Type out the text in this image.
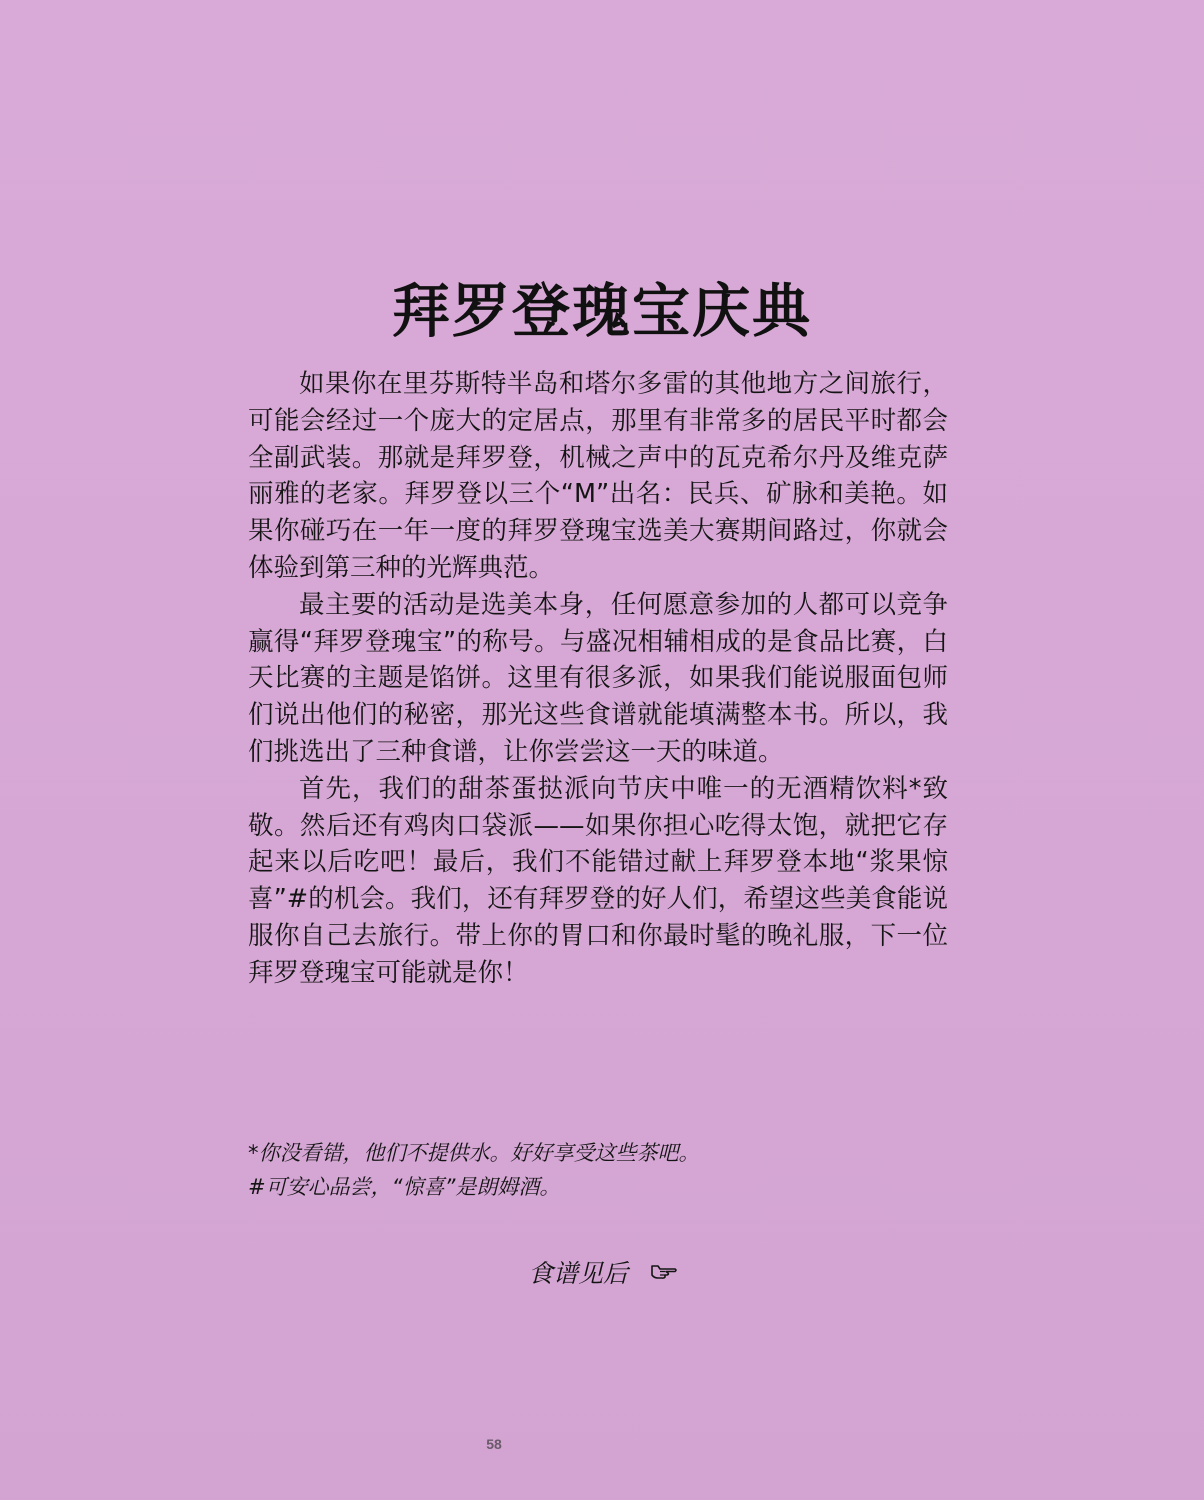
拜罗登瑰宝庆典

如果你在里芬斯特半岛和塔尔多雷的其他地方之间旅行，可能会经过一个庞大的定居点，那里有非常多的居民平时都会全副武装。那就是拜罗登，机械之声中的瓦克希尔丹及维克萨丽雅的老家。拜罗登以三个“M”出名：民兵、矿脉和美艳。如果你碰巧在一年一度的拜罗登瑰宝选美大赛期间路过，你就会体验到第三种的光辉典范。

最主要的活动是选美本身，任何愿意参加的人都可以竞争赢得“拜罗登瑰宝”的称号。与盛况相辅相成的是食品比赛，白天比赛的主题是馅饼。这里有很多派，如果我们能说服面包师们说出他们的秘密，那光这些食谱就能填满整本书。所以，我们挑选出了三种食谱，让你尝尝这一天的味道。

首先，我们的甜茶蛋挞派向节庆中唯一的无酒精饮料*致敬。然后还有鸡肉口袋派——如果你担心吃得太饱，就把它存起来以后吃吧！最后，我们不能错过献上拜罗登本地“浆果惊喜”#的机会。我们，还有拜罗登的好人们，希望这些美食能说服你自己去旅行。带上你的胃口和你最时髦的晚礼服，下一位拜罗登瑰宝可能就是你！

*你没看错，他们不提供水。好好享受这些茶吧。
#可安心品尝，“惊喜”是朗姆酒。
食谱见后
58
